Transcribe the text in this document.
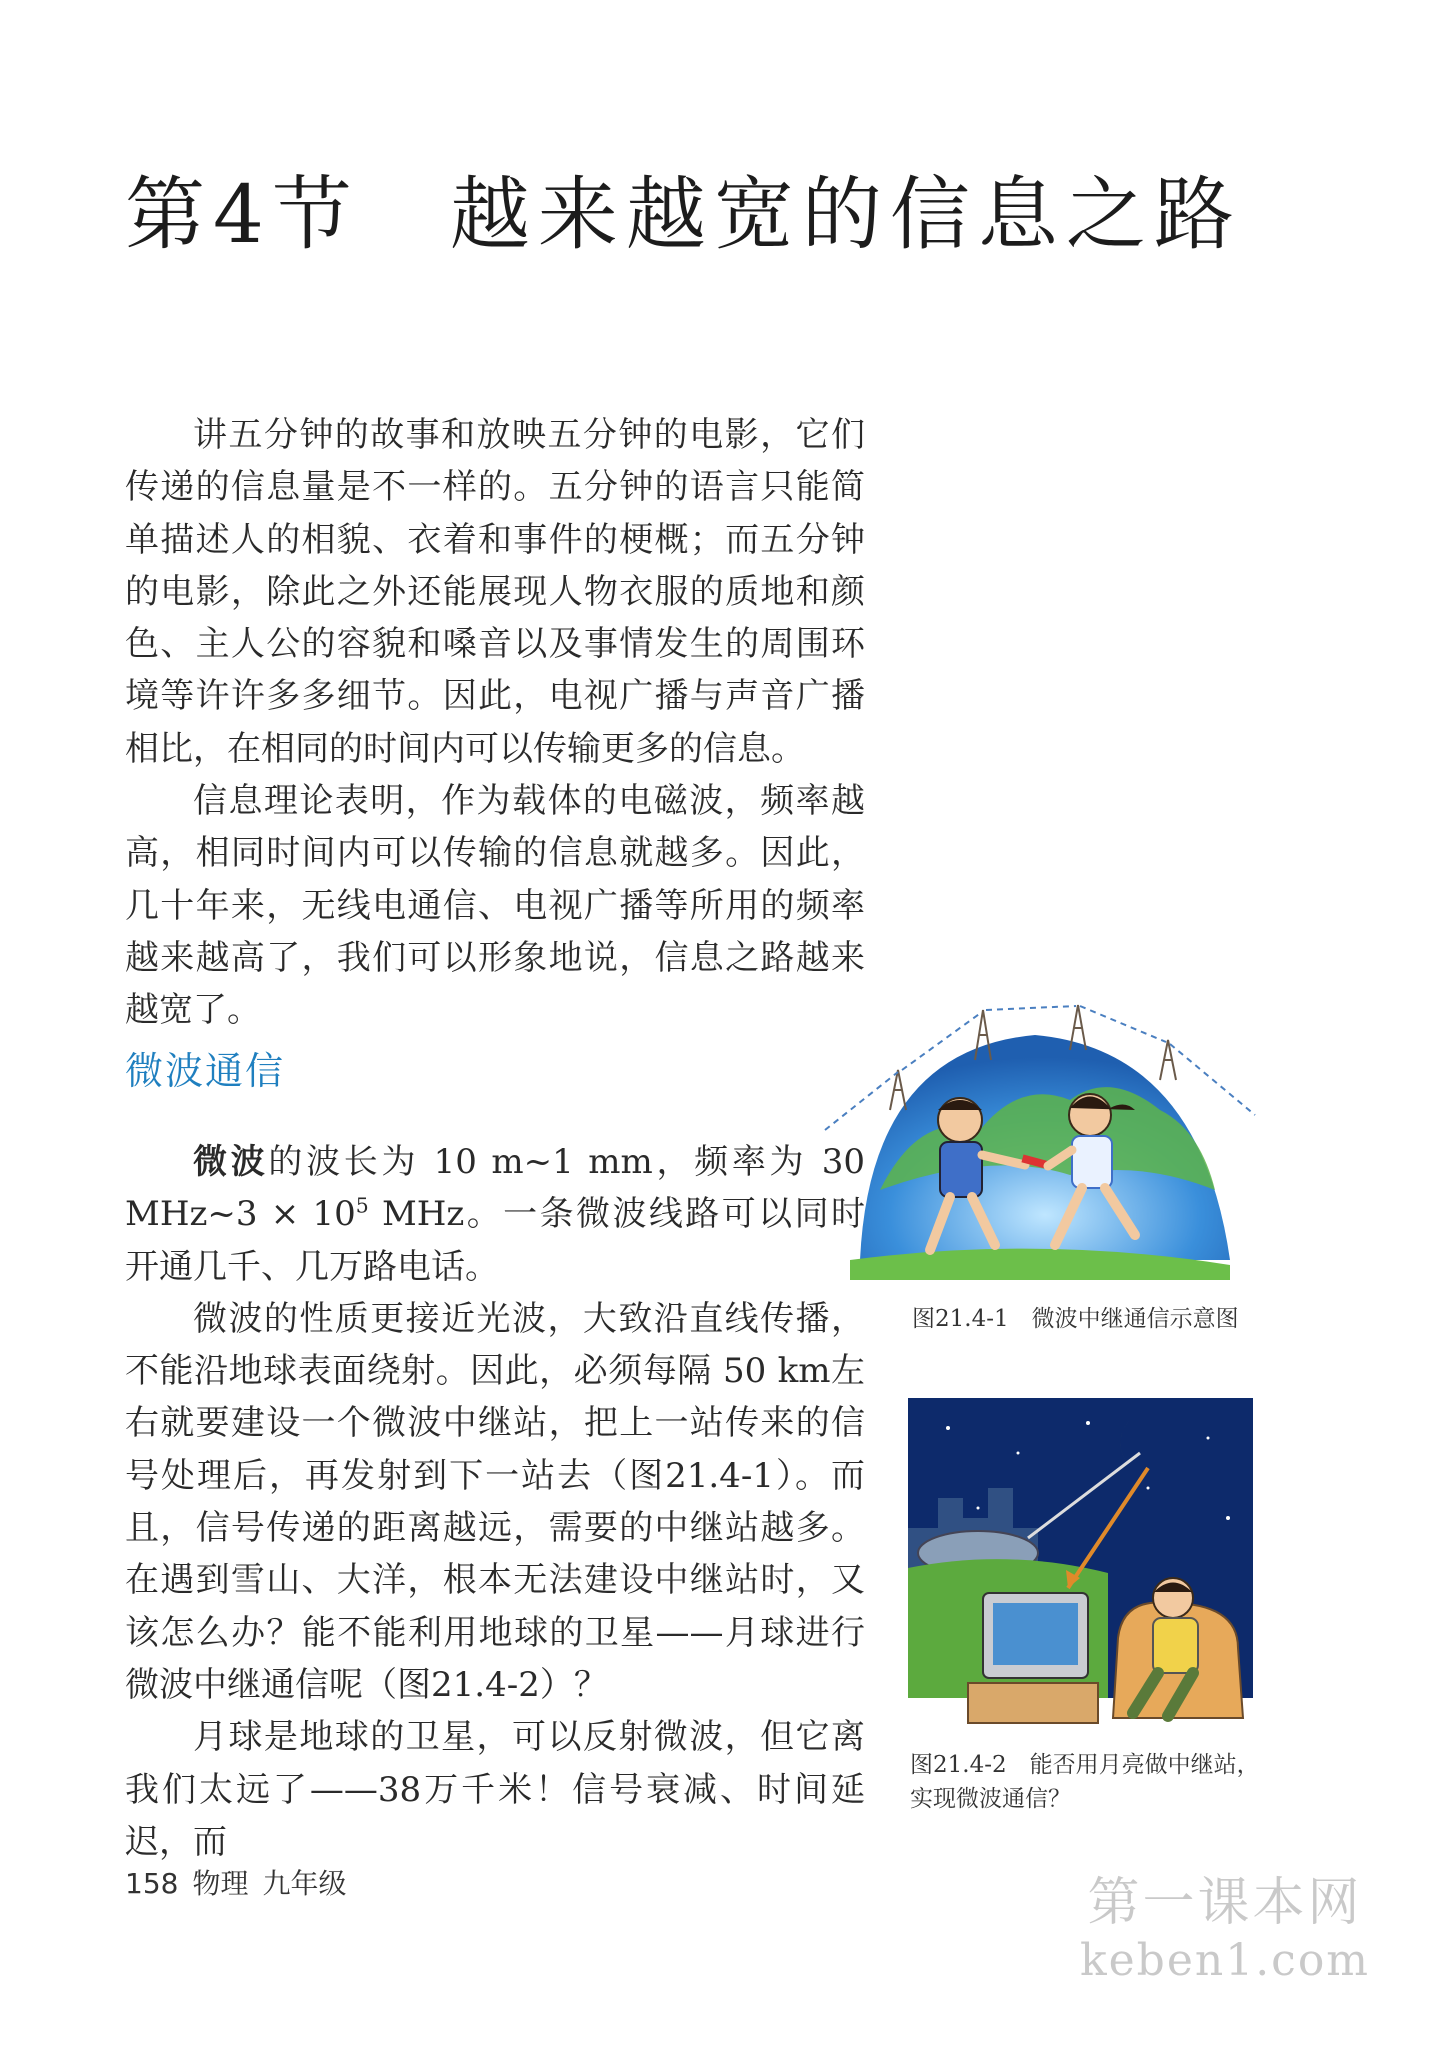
第4节 越来越宽的信息之路

讲五分钟的故事和放映五分钟的电影，它们传递的信息量是不一样的。五分钟的语言只能简单描述人的相貌、衣着和事件的梗概；而五分钟的电影，除此之外还能展现人物衣服的质地和颜色、主人公的容貌和嗓音以及事情发生的周围环境等许许多多细节。因此，电视广播与声音广播相比，在相同的时间内可以传输更多的信息。

信息理论表明，作为载体的电磁波，频率越高，相同时间内可以传输的信息就越多。因此，几十年来，无线电通信、电视广播等所用的频率越来越高了，我们可以形象地说，信息之路越来越宽了。

微波通信

微波的波长为 10 m~1 mm，频率为 30 MHz~3 × $10^5$ MHz。一条微波线路可以同时开通几千、几万路电话。

微波的性质更接近光波，大致沿直线传播，不能沿地球表面绕射。因此，必须每隔 50 km左右就要建设一个微波中继站，把上一站传来的信号处理后，再发射到下一站去（图21.4-1）。而且，信号传递的距离越远，需要的中继站越多。在遇到雪山、大洋，根本无法建设中继站时，又该怎么办？能不能利用地球的卫星——月球进行微波中继通信呢（图21.4-2）？

月球是地球的卫星，可以反射微波，但它离我们太远了——38万千米！信号衰减、时间延迟，而

图21.4-1　微波中继通信示意图
图21.4-2　能否用月亮做中继站，实现微波通信？
158 物理 九年级	第一课本网
keben1.com
